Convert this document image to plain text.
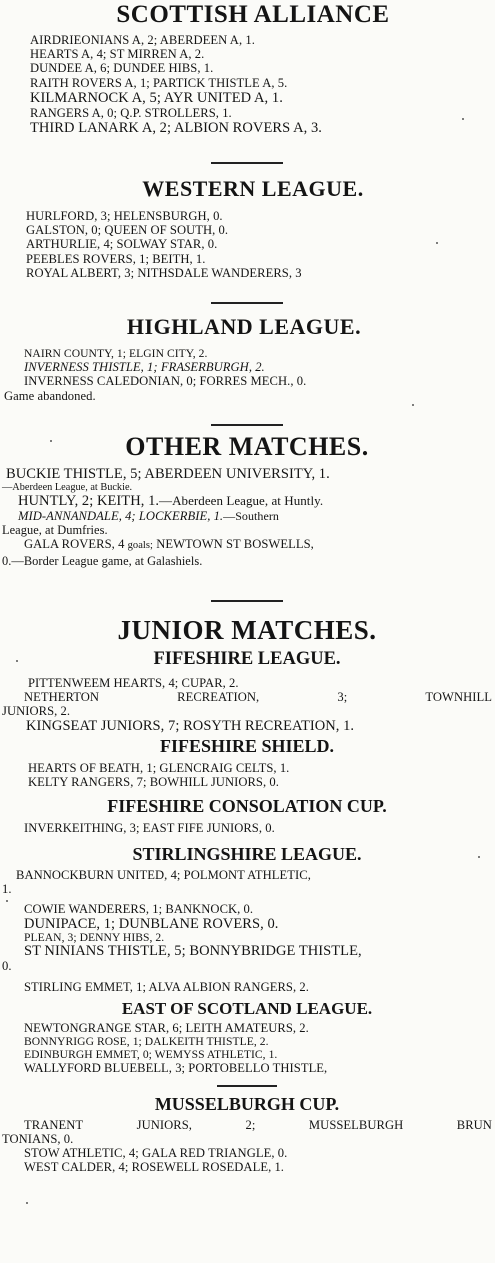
SCOTTISH ALLIANCE
AIRDRIEONIANS A, 2; ABERDEEN A, 1.
HEARTS A, 4; ST MIRREN A, 2.
DUNDEE A, 6; DUNDEE HIBS, 1.
RAITH ROVERS A, 1; PARTICK THISTLE A, 5.
KILMARNOCK A, 5; AYR UNITED A, 1.
RANGERS A, 0; Q.P. STROLLERS, 1.
THIRD LANARK A, 2; ALBION ROVERS A, 3.
WESTERN LEAGUE.
HURLFORD, 3; HELENSBURGH, 0.
GALSTON, 0; QUEEN OF SOUTH, 0.
ARTHURLIE, 4; SOLWAY STAR, 0.
PEEBLES ROVERS, 1; BEITH, 1.
ROYAL ALBERT, 3; NITHSDALE WANDERERS, 3
HIGHLAND LEAGUE.
NAIRN COUNTY, 1; ELGIN CITY, 2.
INVERNESS THISTLE, 1; FRASERBURGH, 2.
INVERNESS CALEDONIAN, 0; FORRES MECH., 0.
Game abandoned.
OTHER MATCHES.
BUCKIE THISTLE, 5; ABERDEEN UNIVERSITY, 1.
—Aberdeen League, at Buckie.
HUNTLY, 2; KEITH, 1.—Aberdeen League, at Huntly.
MID-ANNANDALE, 4; LOCKERBIE, 1.—Southern
League, at Dumfries.
GALA ROVERS, 4 goals; NEWTOWN ST BOSWELLS,
0.—Border League game, at Galashiels.
JUNIOR MATCHES.
FIFESHIRE LEAGUE.
PITTENWEEM HEARTS, 4; CUPAR, 2.
NETHERTON	RECREATION,	3;	TOWNHILL
JUNIORS, 2.
KINGSEAT JUNIORS, 7; ROSYTH RECREATION, 1.
FIFESHIRE SHIELD.
HEARTS OF BEATH, 1; GLENCRAIG CELTS, 1.
KELTY RANGERS, 7; BOWHILL JUNIORS, 0.
FIFESHIRE CONSOLATION CUP.
INVERKEITHING, 3; EAST FIFE JUNIORS, 0.
STIRLINGSHIRE LEAGUE.
BANNOCKBURN UNITED, 4; POLMONT ATHLETIC,
1.
COWIE WANDERERS, 1; BANKNOCK, 0.
DUNIPACE, 1; DUNBLANE ROVERS, 0.
PLEAN, 3; DENNY HIBS, 2.
ST NINIANS THISTLE, 5; BONNYBRIDGE THISTLE,
0.
STIRLING EMMET, 1; ALVA ALBION RANGERS, 2.
EAST OF SCOTLAND LEAGUE.
NEWTONGRANGE STAR, 6; LEITH AMATEURS, 2.
BONNYRIGG ROSE, 1; DALKEITH THISTLE, 2.
EDINBURGH EMMET, 0; WEMYSS ATHLETIC, 1.
WALLYFORD BLUEBELL, 3; PORTOBELLO THISTLE,
MUSSELBURGH CUP.
TRANENT	JUNIORS,	2;	MUSSELBURGH	BRUN
TONIANS, 0.
STOW ATHLETIC, 4; GALA RED TRIANGLE, 0.
WEST CALDER, 4; ROSEWELL ROSEDALE, 1.
